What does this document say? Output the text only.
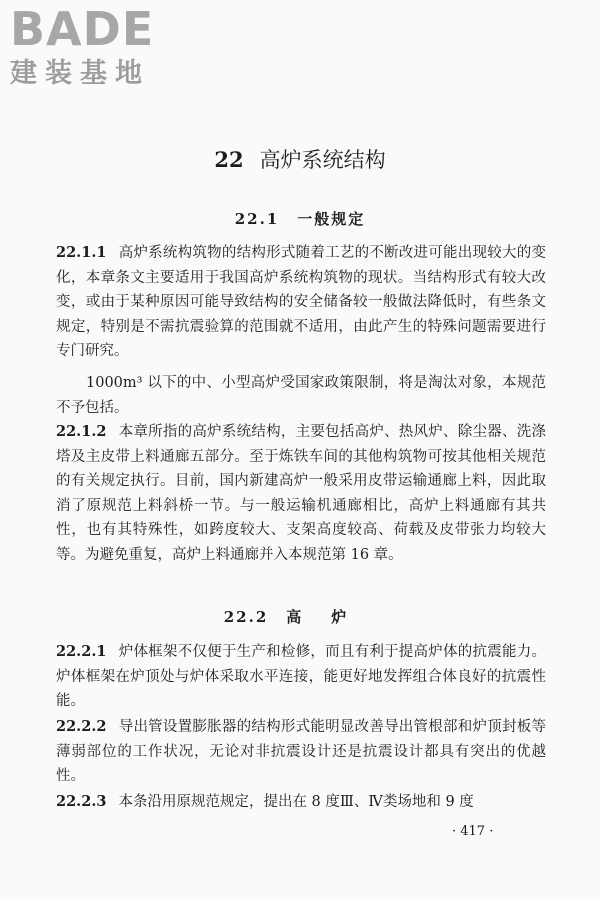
BADE
建装基地
22 高炉系统结构
22.1 一般规定

22.1.1 高炉系统构筑物的结构形式随着工艺的不断改进可能出现较大的变化，本章条文主要适用于我国高炉系统构筑物的现状。当结构形式有较大改变，或由于某种原因可能导致结构的安全储备较一般做法降低时，有些条文规定，特别是不需抗震验算的范围就不适用，由此产生的特殊问题需要进行专门研究。

1000m³ 以下的中、小型高炉受国家政策限制，将是淘汰对象，本规范不予包括。

22.1.2 本章所指的高炉系统结构，主要包括高炉、热风炉、除尘器、洗涤塔及主皮带上料通廊五部分。至于炼铁车间的其他构筑物可按其他相关规范的有关规定执行。目前，国内新建高炉一般采用皮带运输通廊上料，因此取消了原规范上料斜桥一节。与一般运输机通廊相比，高炉上料通廊有其共性，也有其特殊性，如跨度较大、支架高度较高、荷载及皮带张力均较大等。为避免重复，高炉上料通廊并入本规范第 16 章。

22.2 高炉

22.2.1 炉体框架不仅便于生产和检修，而且有利于提高炉体的抗震能力。炉体框架在炉顶处与炉体采取水平连接，能更好地发挥组合体良好的抗震性能。

22.2.2 导出管设置膨胀器的结构形式能明显改善导出管根部和炉顶封板等薄弱部位的工作状况，无论对非抗震设计还是抗震设计都具有突出的优越性。

22.2.3 本条沿用原规范规定，提出在 8 度Ⅲ、Ⅳ类场地和 9 度

· 417 ·
